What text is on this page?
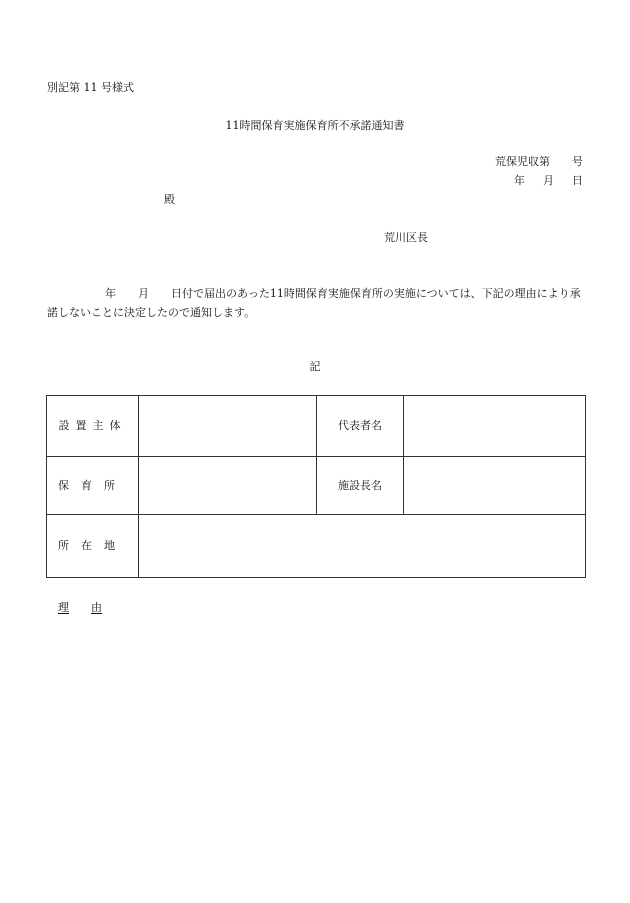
別記第 11 号様式
11時間保育実施保育所不承諾通知書
荒保児収第 号
年 月 日
殿
荒川区長
年 月 日付で届出のあった11時間保育実施保育所の実施については、下記の理由により承諾しないことに決定したので通知します。
記
設置主体		代表者名	
保育所		施設長名	
所在地			
理 由
